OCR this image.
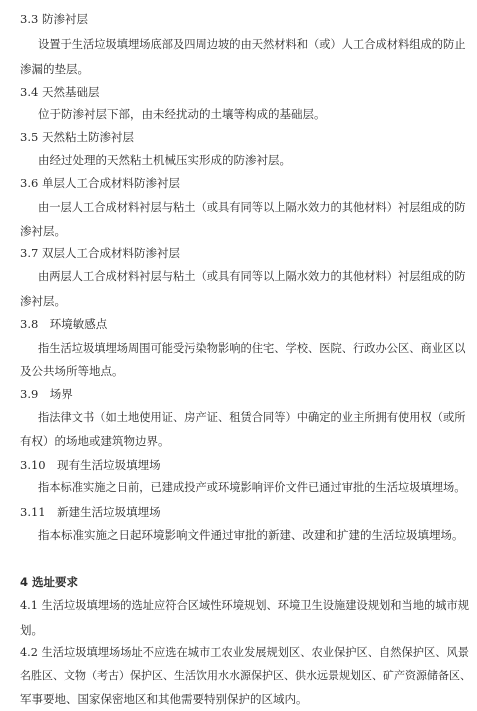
3.3 防渗衬层
设置于生活垃圾填埋场底部及四周边坡的由天然材料和（或）人工合成材料组成的防止
渗漏的垫层。
3.4 天然基础层
位于防渗衬层下部，由未经扰动的土壤等构成的基础层。
3.5 天然粘土防渗衬层
由经过处理的天然粘土机械压实形成的防渗衬层。
3.6 单层人工合成材料防渗衬层
由一层人工合成材料衬层与粘土（或具有同等以上隔水效力的其他材料）衬层组成的防
渗衬层。
3.7 双层人工合成材料防渗衬层
由两层人工合成材料衬层与粘土（或具有同等以上隔水效力的其他材料）衬层组成的防
渗衬层。
3.8　环境敏感点
指生活垃圾填埋场周围可能受污染物影响的住宅、学校、医院、行政办公区、商业区以
及公共场所等地点。
3.9　场界
指法律文书（如土地使用证、房产证、租赁合同等）中确定的业主所拥有使用权（或所
有权）的场地或建筑物边界。
3.10　现有生活垃圾填埋场
指本标准实施之日前，已建成投产或环境影响评价文件已通过审批的生活垃圾填埋场。
3.11　新建生活垃圾填埋场
指本标准实施之日起环境影响文件通过审批的新建、改建和扩建的生活垃圾填埋场。
4 选址要求
4.1 生活垃圾填埋场的选址应符合区域性环境规划、环境卫生设施建设规划和当地的城市规
划。
4.2 生活垃圾填埋场场址不应选在城市工农业发展规划区、农业保护区、自然保护区、风景
名胜区、文物（考古）保护区、生活饮用水水源保护区、供水远景规划区、矿产资源储备区、
军事要地、国家保密地区和其他需要特别保护的区域内。
